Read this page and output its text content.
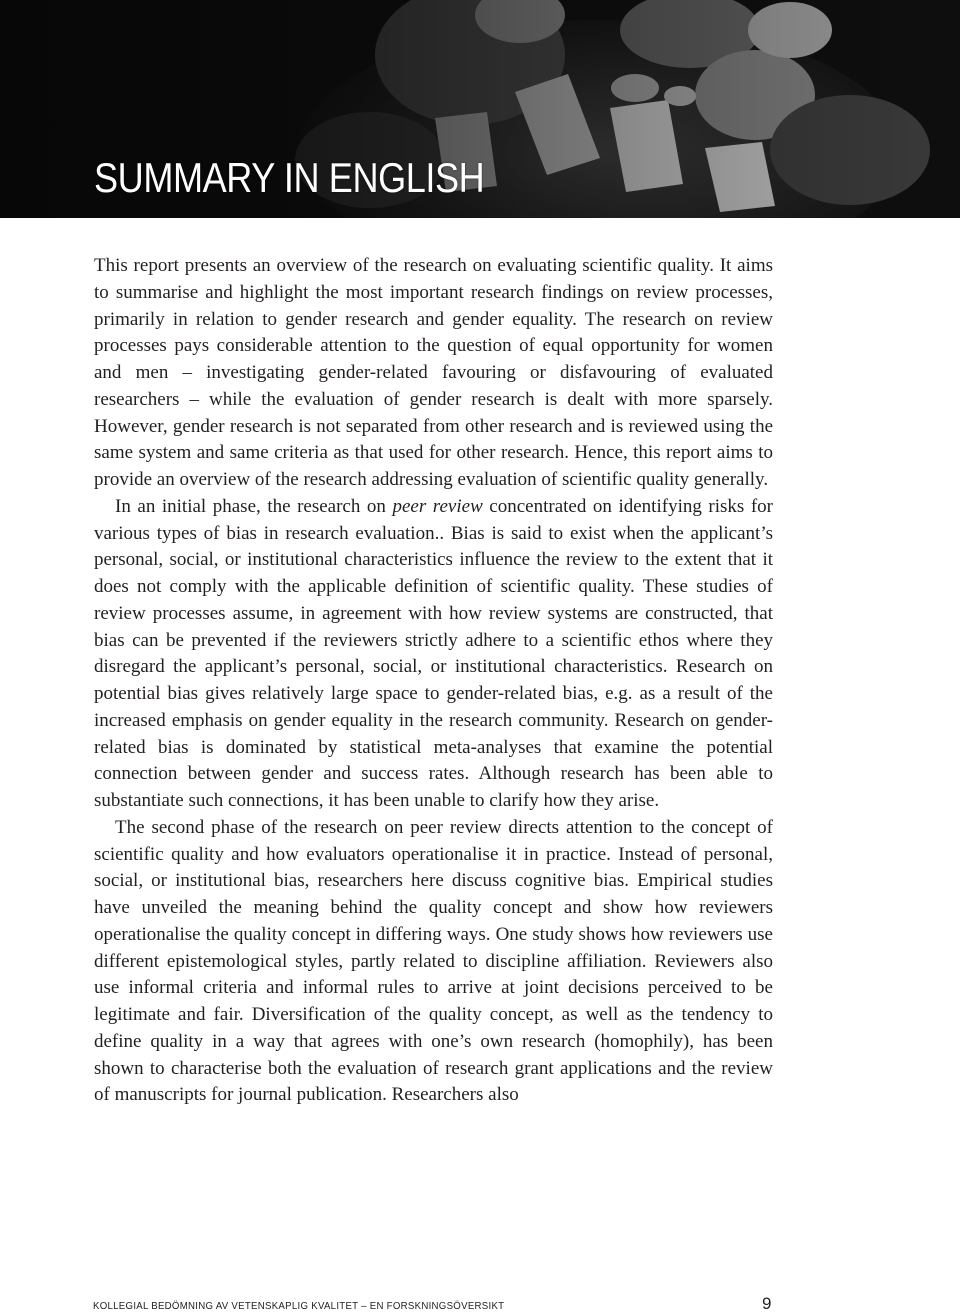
SUMMARY IN ENGLISH

This report presents an overview of the research on evaluating scientific quality. It aims to summarise and highlight the most important research findings on review processes, primarily in relation to gender research and gender equality. The research on review processes pays considerable attention to the question of equal opportunity for women and men – investigating gender-related favouring or disfavouring of evaluated researchers – while the evaluation of gender research is dealt with more sparsely. However, gender research is not separated from other research and is reviewed using the same system and same criteria as that used for other research. Hence, this report aims to provide an overview of the research addressing evaluation of scientific quality generally.

In an initial phase, the research on peer review concentrated on identifying risks for various types of bias in research evaluation.. Bias is said to exist when the applicant’s personal, social, or institutional characteristics influence the review to the extent that it does not comply with the applicable definition of scientific quality. These studies of review processes assume, in agreement with how review systems are constructed, that bias can be prevented if the reviewers strictly adhere to a scientific ethos where they disregard the applicant’s personal, social, or institutional characteristics. Research on potential bias gives relatively large space to gender-related bias, e.g. as a result of the increased emphasis on gender equality in the research community. Research on gender-related bias is dominated by statistical meta-analyses that examine the potential connection between gender and success rates. Although research has been able to substantiate such connections, it has been unable to clarify how they arise.

The second phase of the research on peer review directs attention to the concept of scientific quality and how evaluators operationalise it in practice. Instead of personal, social, or institutional bias, researchers here discuss cognitive bias. Empirical studies have unveiled the meaning behind the quality concept and show how reviewers operationalise the quality concept in differing ways. One study shows how reviewers use different epistemological styles, partly related to discipline affiliation. Reviewers also use informal criteria and informal rules to arrive at joint decisions perceived to be legitimate and fair. Diversification of the quality concept, as well as the tendency to define quality in a way that agrees with one’s own research (homophily), has been shown to characterise both the evaluation of research grant applications and the review of manuscripts for journal publication. Researchers also

KOLLEGIAL BEDÖMNING AV VETENSKAPLIG KVALITET – EN FORSKNINGSÖVERSIKT	9
